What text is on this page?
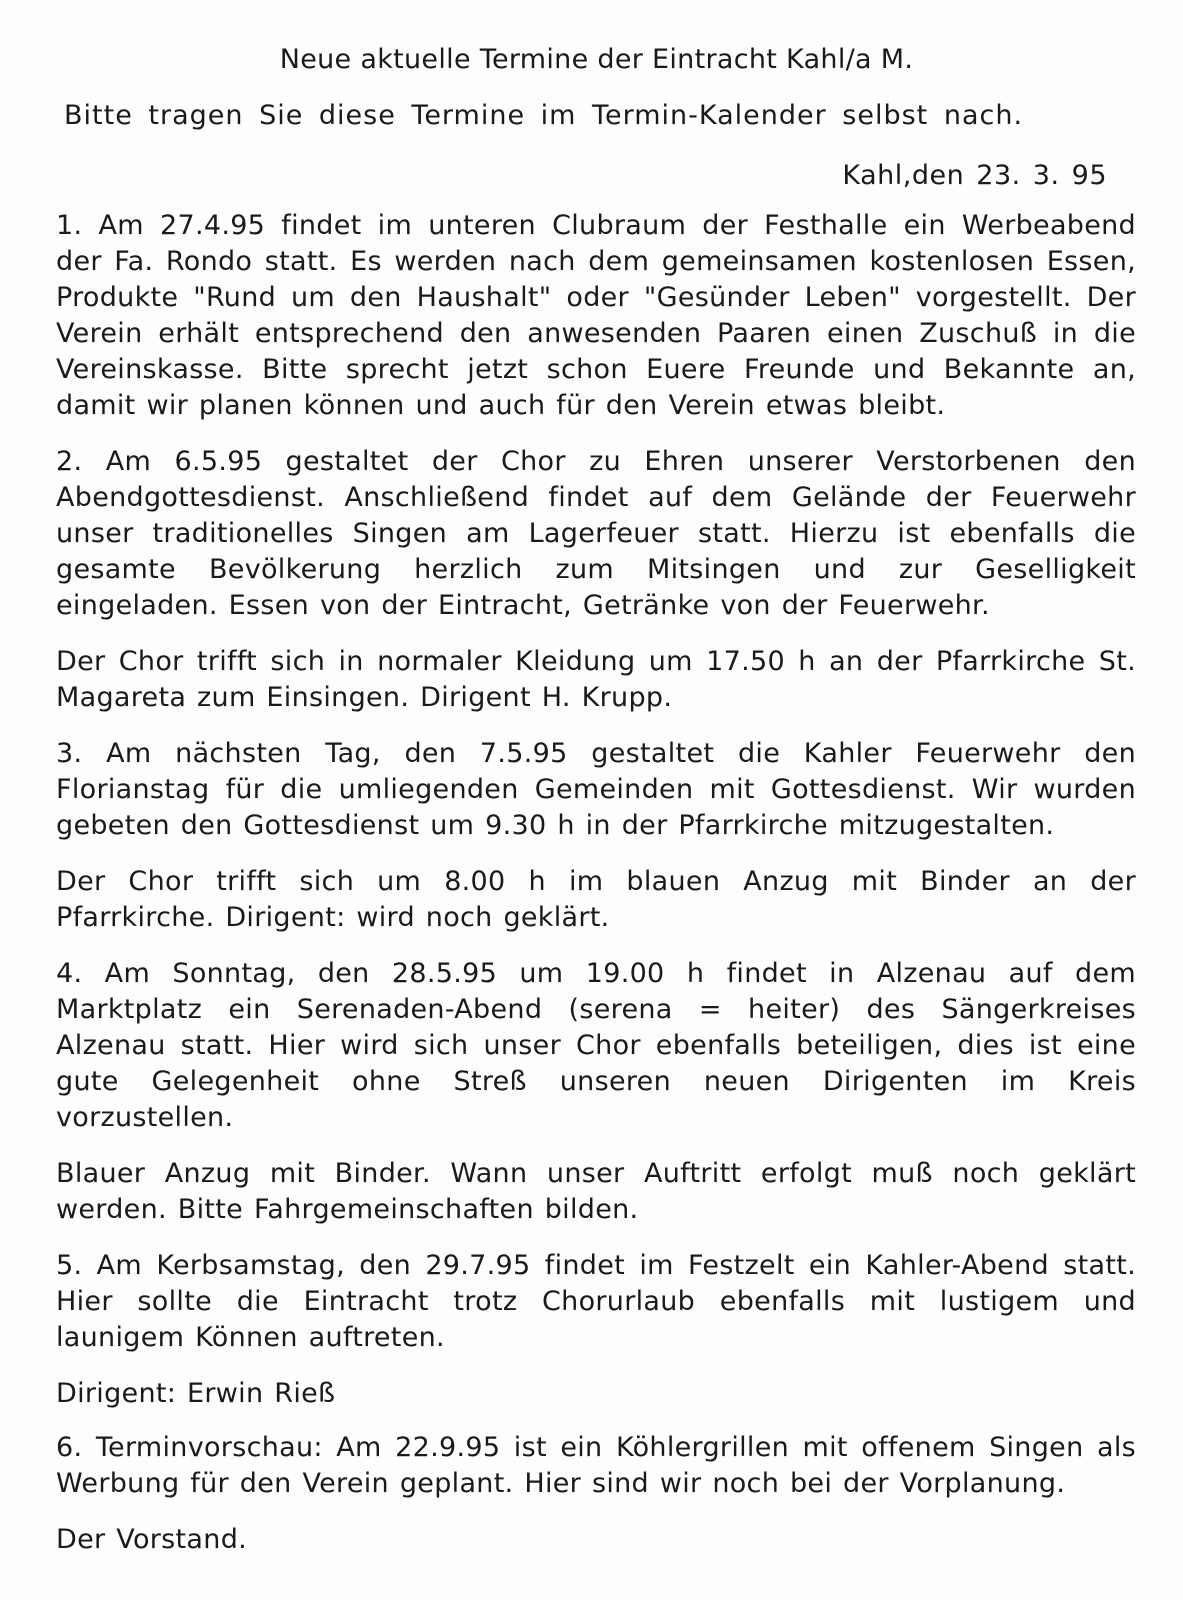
Neue aktuelle Termine der Eintracht Kahl/a M.

Bitte tragen Sie diese Termine im Termin-Kalender selbst nach.

Kahl,den 23. 3. 95

1. Am 27.4.95 findet im unteren Clubraum der Festhalle ein Werbeabend der Fa. Rondo statt. Es werden nach dem gemeinsamen kostenlosen Essen, Produkte "Rund um den Haushalt" oder "Gesünder Leben" vorgestellt. Der Verein erhält entsprechend den anwesenden Paaren einen Zuschuß in die Vereinskasse. Bitte sprecht jetzt schon Euere Freunde und Bekannte an, damit wir planen können und auch für den Verein etwas bleibt.

2. Am 6.5.95 gestaltet der Chor zu Ehren unserer Verstorbenen den Abendgottesdienst. Anschließend findet auf dem Gelände der Feuerwehr unser traditionelles Singen am Lagerfeuer statt. Hierzu ist ebenfalls die gesamte Bevölkerung herzlich zum Mitsingen und zur Geselligkeit eingeladen. Essen von der Eintracht, Getränke von der Feuerwehr.

Der Chor trifft sich in normaler Kleidung um 17.50 h an der Pfarrkirche St. Magareta zum Einsingen. Dirigent H. Krupp.

3. Am nächsten Tag, den 7.5.95 gestaltet die Kahler Feuerwehr den Florianstag für die umliegenden Gemeinden mit Gottesdienst. Wir wurden gebeten den Gottesdienst um 9.30 h in der Pfarrkirche mitzugestalten.

Der Chor trifft sich um 8.00 h im blauen Anzug mit Binder an der Pfarrkirche. Dirigent: wird noch geklärt.

4. Am Sonntag, den 28.5.95 um 19.00 h findet in Alzenau auf dem Marktplatz ein Serenaden-Abend (serena = heiter) des Sängerkreises Alzenau statt. Hier wird sich unser Chor ebenfalls beteiligen, dies ist eine gute Gelegenheit ohne Streß unseren neuen Dirigenten im Kreis vorzustellen.

Blauer Anzug mit Binder. Wann unser Auftritt erfolgt muß noch geklärt werden. Bitte Fahrgemeinschaften bilden.

5. Am Kerbsamstag, den 29.7.95 findet im Festzelt ein Kahler-Abend statt. Hier sollte die Eintracht trotz Chorurlaub ebenfalls mit lustigem und launigem Können auftreten.

Dirigent: Erwin Rieß

6. Terminvorschau: Am 22.9.95 ist ein Köhlergrillen mit offenem Singen als Werbung für den Verein geplant. Hier sind wir noch bei der Vorplanung.

Der Vorstand.
